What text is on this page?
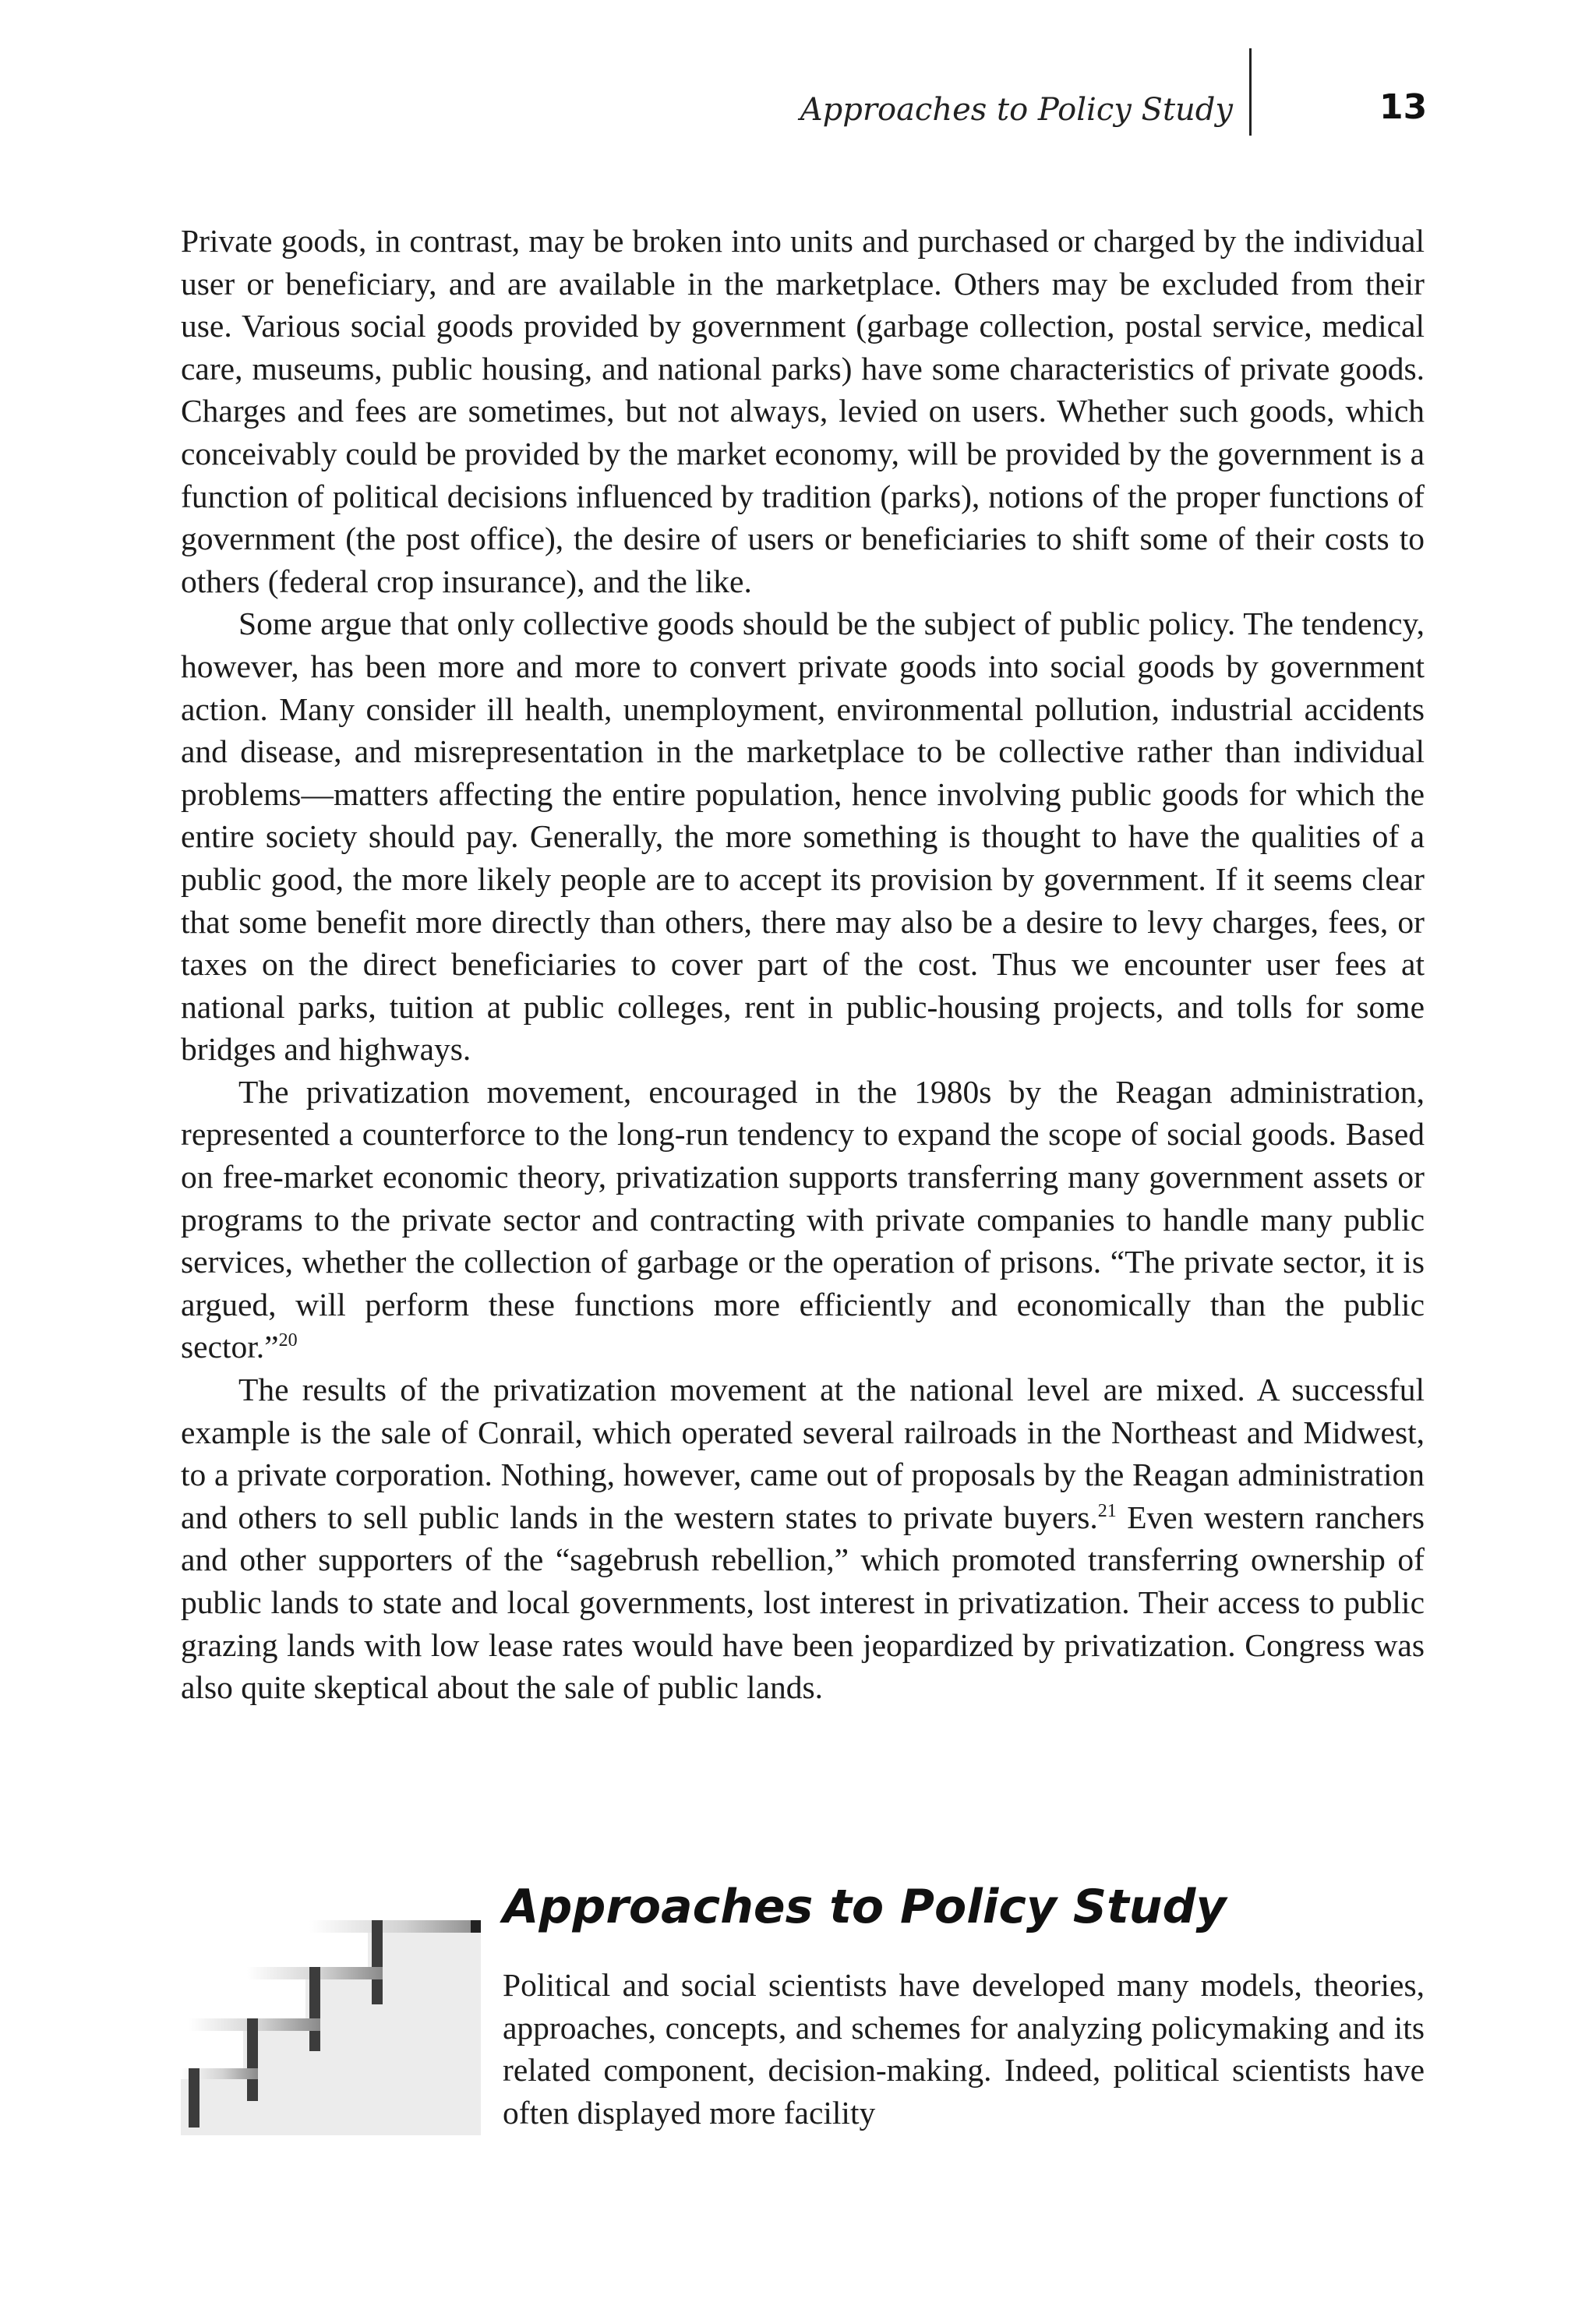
Approaches to Policy Study	13

Private goods, in contrast, may be broken into units and purchased or charged by the individual user or beneficiary, and are available in the marketplace. Others may be excluded from their use. Various social goods provided by government (garbage collection, postal service, medical care, museums, public housing, and national parks) have some characteristics of private goods. Charges and fees are sometimes, but not always, levied on users. Whether such goods, which conceivably could be provided by the market economy, will be provided by the government is a function of political decisions influenced by tradition (parks), notions of the proper functions of government (the post office), the desire of users or beneficiaries to shift some of their costs to others (federal crop insurance), and the like.

Some argue that only collective goods should be the subject of public policy. The tendency, however, has been more and more to convert private goods into social goods by government action. Many consider ill health, unemployment, environmental pollution, industrial accidents and disease, and misrepresentation in the marketplace to be collective rather than individual problems—matters affecting the entire population, hence involving public goods for which the entire society should pay. Generally, the more something is thought to have the qualities of a public good, the more likely people are to accept its provision by government. If it seems clear that some benefit more directly than others, there may also be a desire to levy charges, fees, or taxes on the direct beneficiaries to cover part of the cost. Thus we encounter user fees at national parks, tuition at public colleges, rent in public-housing projects, and tolls for some bridges and highways.

The privatization movement, encouraged in the 1980s by the Reagan administration, represented a counterforce to the long-run tendency to expand the scope of social goods. Based on free-market economic theory, privatization supports transferring many government assets or programs to the private sector and contracting with private companies to handle many public services, whether the collection of garbage or the operation of prisons. “The private sector, it is argued, will perform these functions more efficiently and economically than the public sector.”$^{20}$

The results of the privatization movement at the national level are mixed. A successful example is the sale of Conrail, which operated several railroads in the Northeast and Midwest, to a private corporation. Nothing, however, came out of proposals by the Reagan administration and others to sell public lands in the western states to private buyers.$^{21}$ Even western ranchers and other supporters of the “sagebrush rebellion,” which promoted transferring ownership of public lands to state and local governments, lost interest in privatization. Their access to public grazing lands with low lease rates would have been jeopardized by privatization. Congress was also quite skeptical about the sale of public lands.

Approaches to Policy Study

Political and social scientists have developed many models, theories, approaches, concepts, and schemes for analyzing policymaking and its related component, decision-making. Indeed, political scientists have often displayed more facility
